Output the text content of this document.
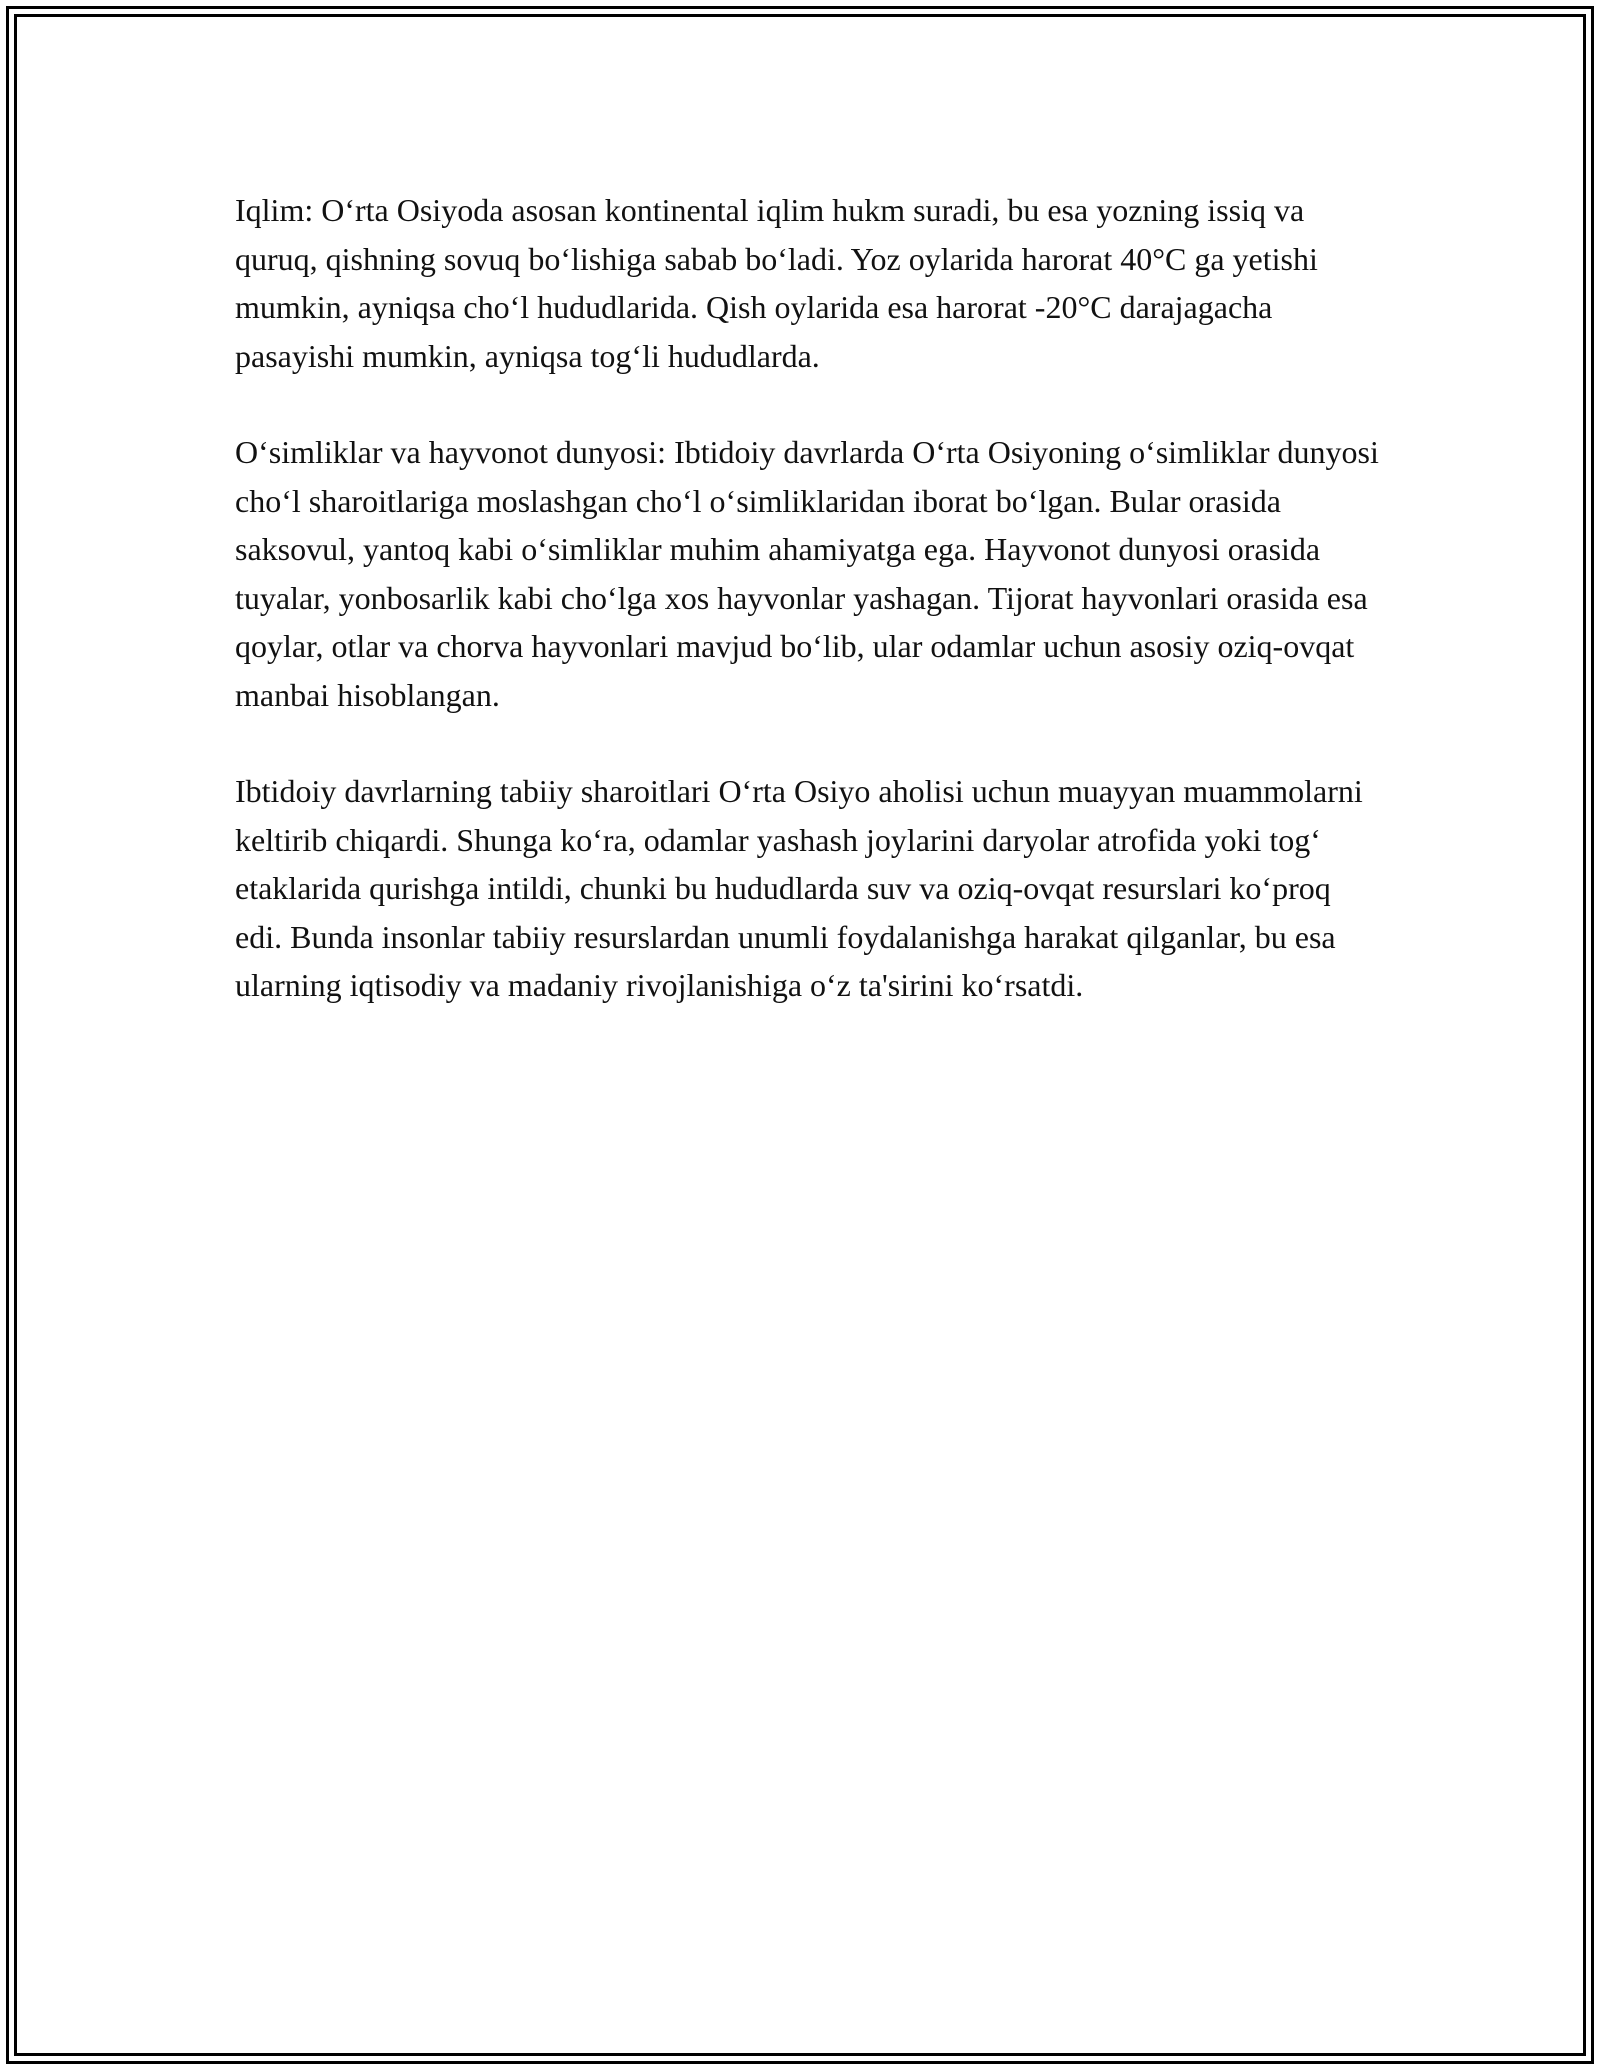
Iqlim: O‘rta Osiyoda asosan kontinental iqlim hukm suradi, bu esa yozning issiq va quruq, qishning sovuq bo‘lishiga sabab bo‘ladi. Yoz oylarida harorat 40°C ga yetishi mumkin, ayniqsa cho‘l hududlarida. Qish oylarida esa harorat -20°C darajagacha pasayishi mumkin, ayniqsa tog‘li hududlarda.

O‘simliklar va hayvonot dunyosi: Ibtidoiy davrlarda O‘rta Osiyoning o‘simliklar dunyosi cho‘l sharoitlariga moslashgan cho‘l o‘simliklaridan iborat bo‘lgan. Bular orasida saksovul, yantoq kabi o‘simliklar muhim ahamiyatga ega. Hayvonot dunyosi orasida tuyalar, yonbosarlik kabi cho‘lga xos hayvonlar yashagan. Tijorat hayvonlari orasida esa qoylar, otlar va chorva hayvonlari mavjud bo‘lib, ular odamlar uchun asosiy oziq-ovqat manbai hisoblangan.

Ibtidoiy davrlarning tabiiy sharoitlari O‘rta Osiyo aholisi uchun muayyan muammolarni keltirib chiqardi. Shunga ko‘ra, odamlar yashash joylarini daryolar atrofida yoki tog‘ etaklarida qurishga intildi, chunki bu hududlarda suv va oziq-ovqat resurslari ko‘proq edi. Bunda insonlar tabiiy resurslardan unumli foydalanishga harakat qilganlar, bu esa ularning iqtisodiy va madaniy rivojlanishiga o‘z ta'sirini ko‘rsatdi.
